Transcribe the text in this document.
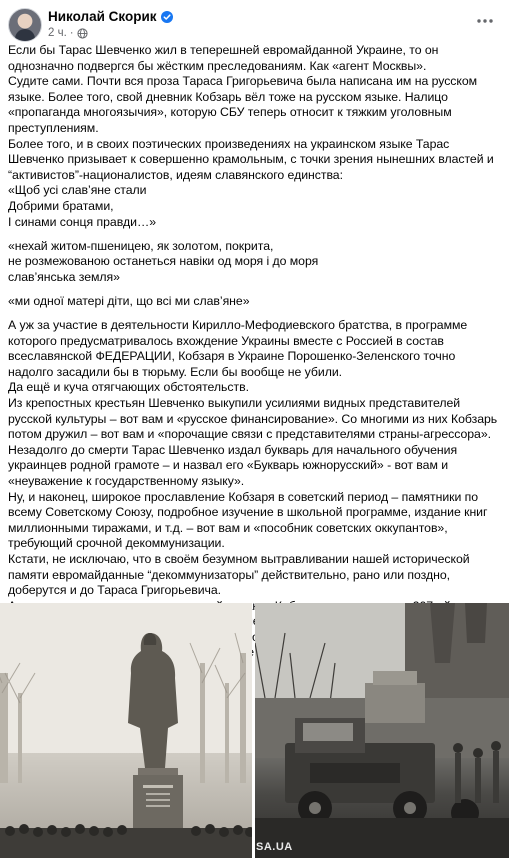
Николай Скорик
2 ч. ·

Если бы Тарас Шевченко жил в теперешней евромайданной Украине, то он однозначно подвергся бы жёстким преследованиям. Как «агент Москвы».

Судите сами. Почти вся проза Тараса Григорьевича была написана им на русском языке. Более того, свой дневник Кобзарь вёл тоже на русском языке. Налицо «пропаганда многоязычия», которую СБУ теперь относит к тяжким уголовным преступлениям.

Более того, и в своих поэтических произведениях на украинском языке Тарас Шевченко призывает к совершенно крамольным, с точки зрения нынешних властей и “активистов”-националистов, идеям славянского единства:

«Щоб усі слав’яне стали

Добрими братами,

І синами сонця правди…»

«нехай житом-пшеницею, як золотом, покрита,

не розмежованою останеться навіки од моря і до моря

слав’янська земля»

«ми одної матері діти, що всі ми слав’яне»

А уж за участие в деятельности Кирилло-Мефодиевского братства, в программе которого предусматривалось вхождение Украины вместе с Россией в состав всеславянской ФЕДЕРАЦИИ, Кобзаря в Украине Порошенко-Зеленского точно надолго засадили бы в тюрьму. Если бы вообще не убили.

Да ещё и куча отягчающих обстоятельств.

Из крепостных крестьян Шевченко выкупили усилиями видных представителей русской культуры – вот вам и «русское финансирование». Со многими из них Кобзарь потом дружил – вот вам и «порочащие связи с представителями страны-агрессора». Незадолго до смерти Тарас Шевченко издал букварь для начального обучения украинцев родной грамоте – и назвал его «Букварь южнорусский» - вот вам и «неуважение к государственному языку».

Ну, и наконец, широкое прославление Кобзаря в советский период – памятники по всему Советскому Союзу, подробное изучение в школьной программе, издание книг миллионными тиражами, и т.д. – вот вам и «пособник советских оккупантов», требующий срочной декоммунизации.

Кстати, не исключаю, что в своём безумном вытравливании нашей исторической памяти евромайданные “декоммунизаторы” действительно, рано или поздно, доберутся и до Тараса Григорьевича.

Шевченко!

SA.UA
